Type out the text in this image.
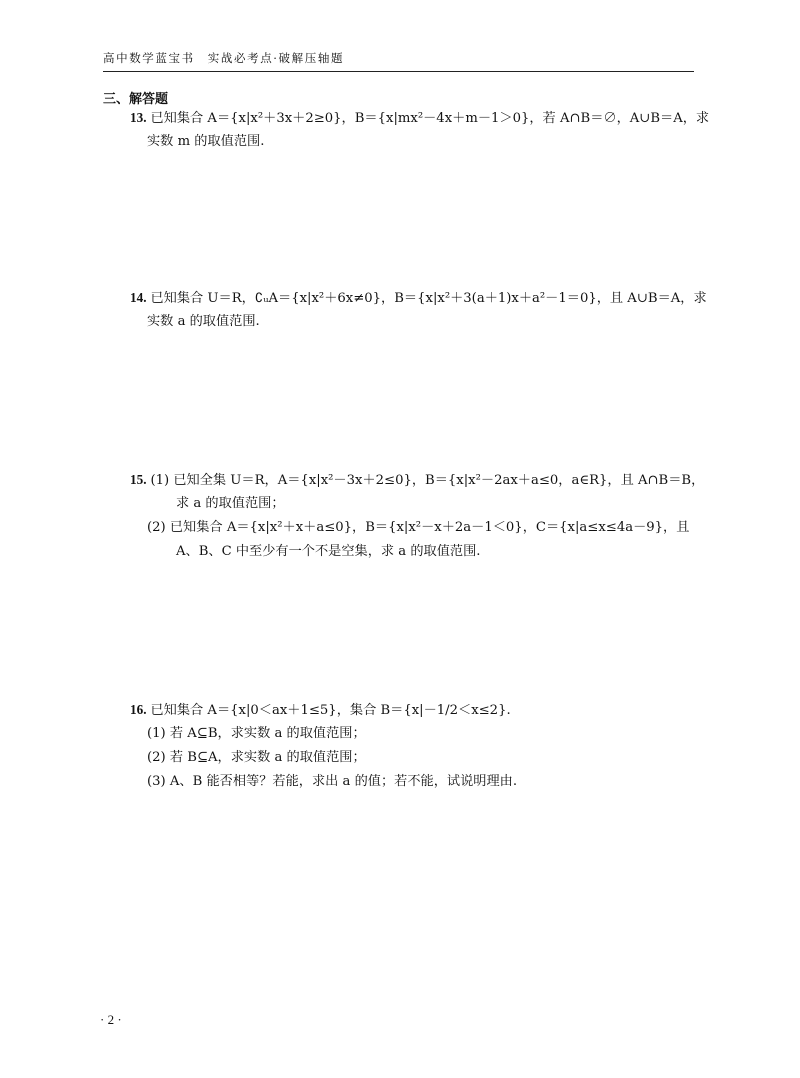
高中数学蓝宝书　实战必考点·破解压轴题
三、解答题
13. 已知集合 A＝{x|x²＋3x＋2≥0}，B＝{x|mx²－4x＋m－1＞0}，若 A∩B＝∅，A∪B＝A，求
实数 m 的取值范围.
14. 已知集合 U＝R，∁ᵤA＝{x|x²＋6x≠0}，B＝{x|x²＋3(a＋1)x＋a²－1＝0}，且 A∪B＝A，求
实数 a 的取值范围.
15. (1) 已知全集 U＝R，A＝{x|x²－3x＋2≤0}，B＝{x|x²－2ax＋a≤0，a∈R}，且 A∩B＝B，
求 a 的取值范围；
(2) 已知集合 A＝{x|x²＋x＋a≤0}，B＝{x|x²－x＋2a－1＜0}，C＝{x|a≤x≤4a－9}，且
A、B、C 中至少有一个不是空集，求 a 的取值范围.
16. 已知集合 A＝{x|0＜ax＋1≤5}，集合 B＝{x|－1/2＜x≤2}.
(1) 若 A⊆B，求实数 a 的取值范围；
(2) 若 B⊆A，求实数 a 的取值范围；
(3) A、B 能否相等？若能，求出 a 的值；若不能，试说明理由.
· 2 ·
